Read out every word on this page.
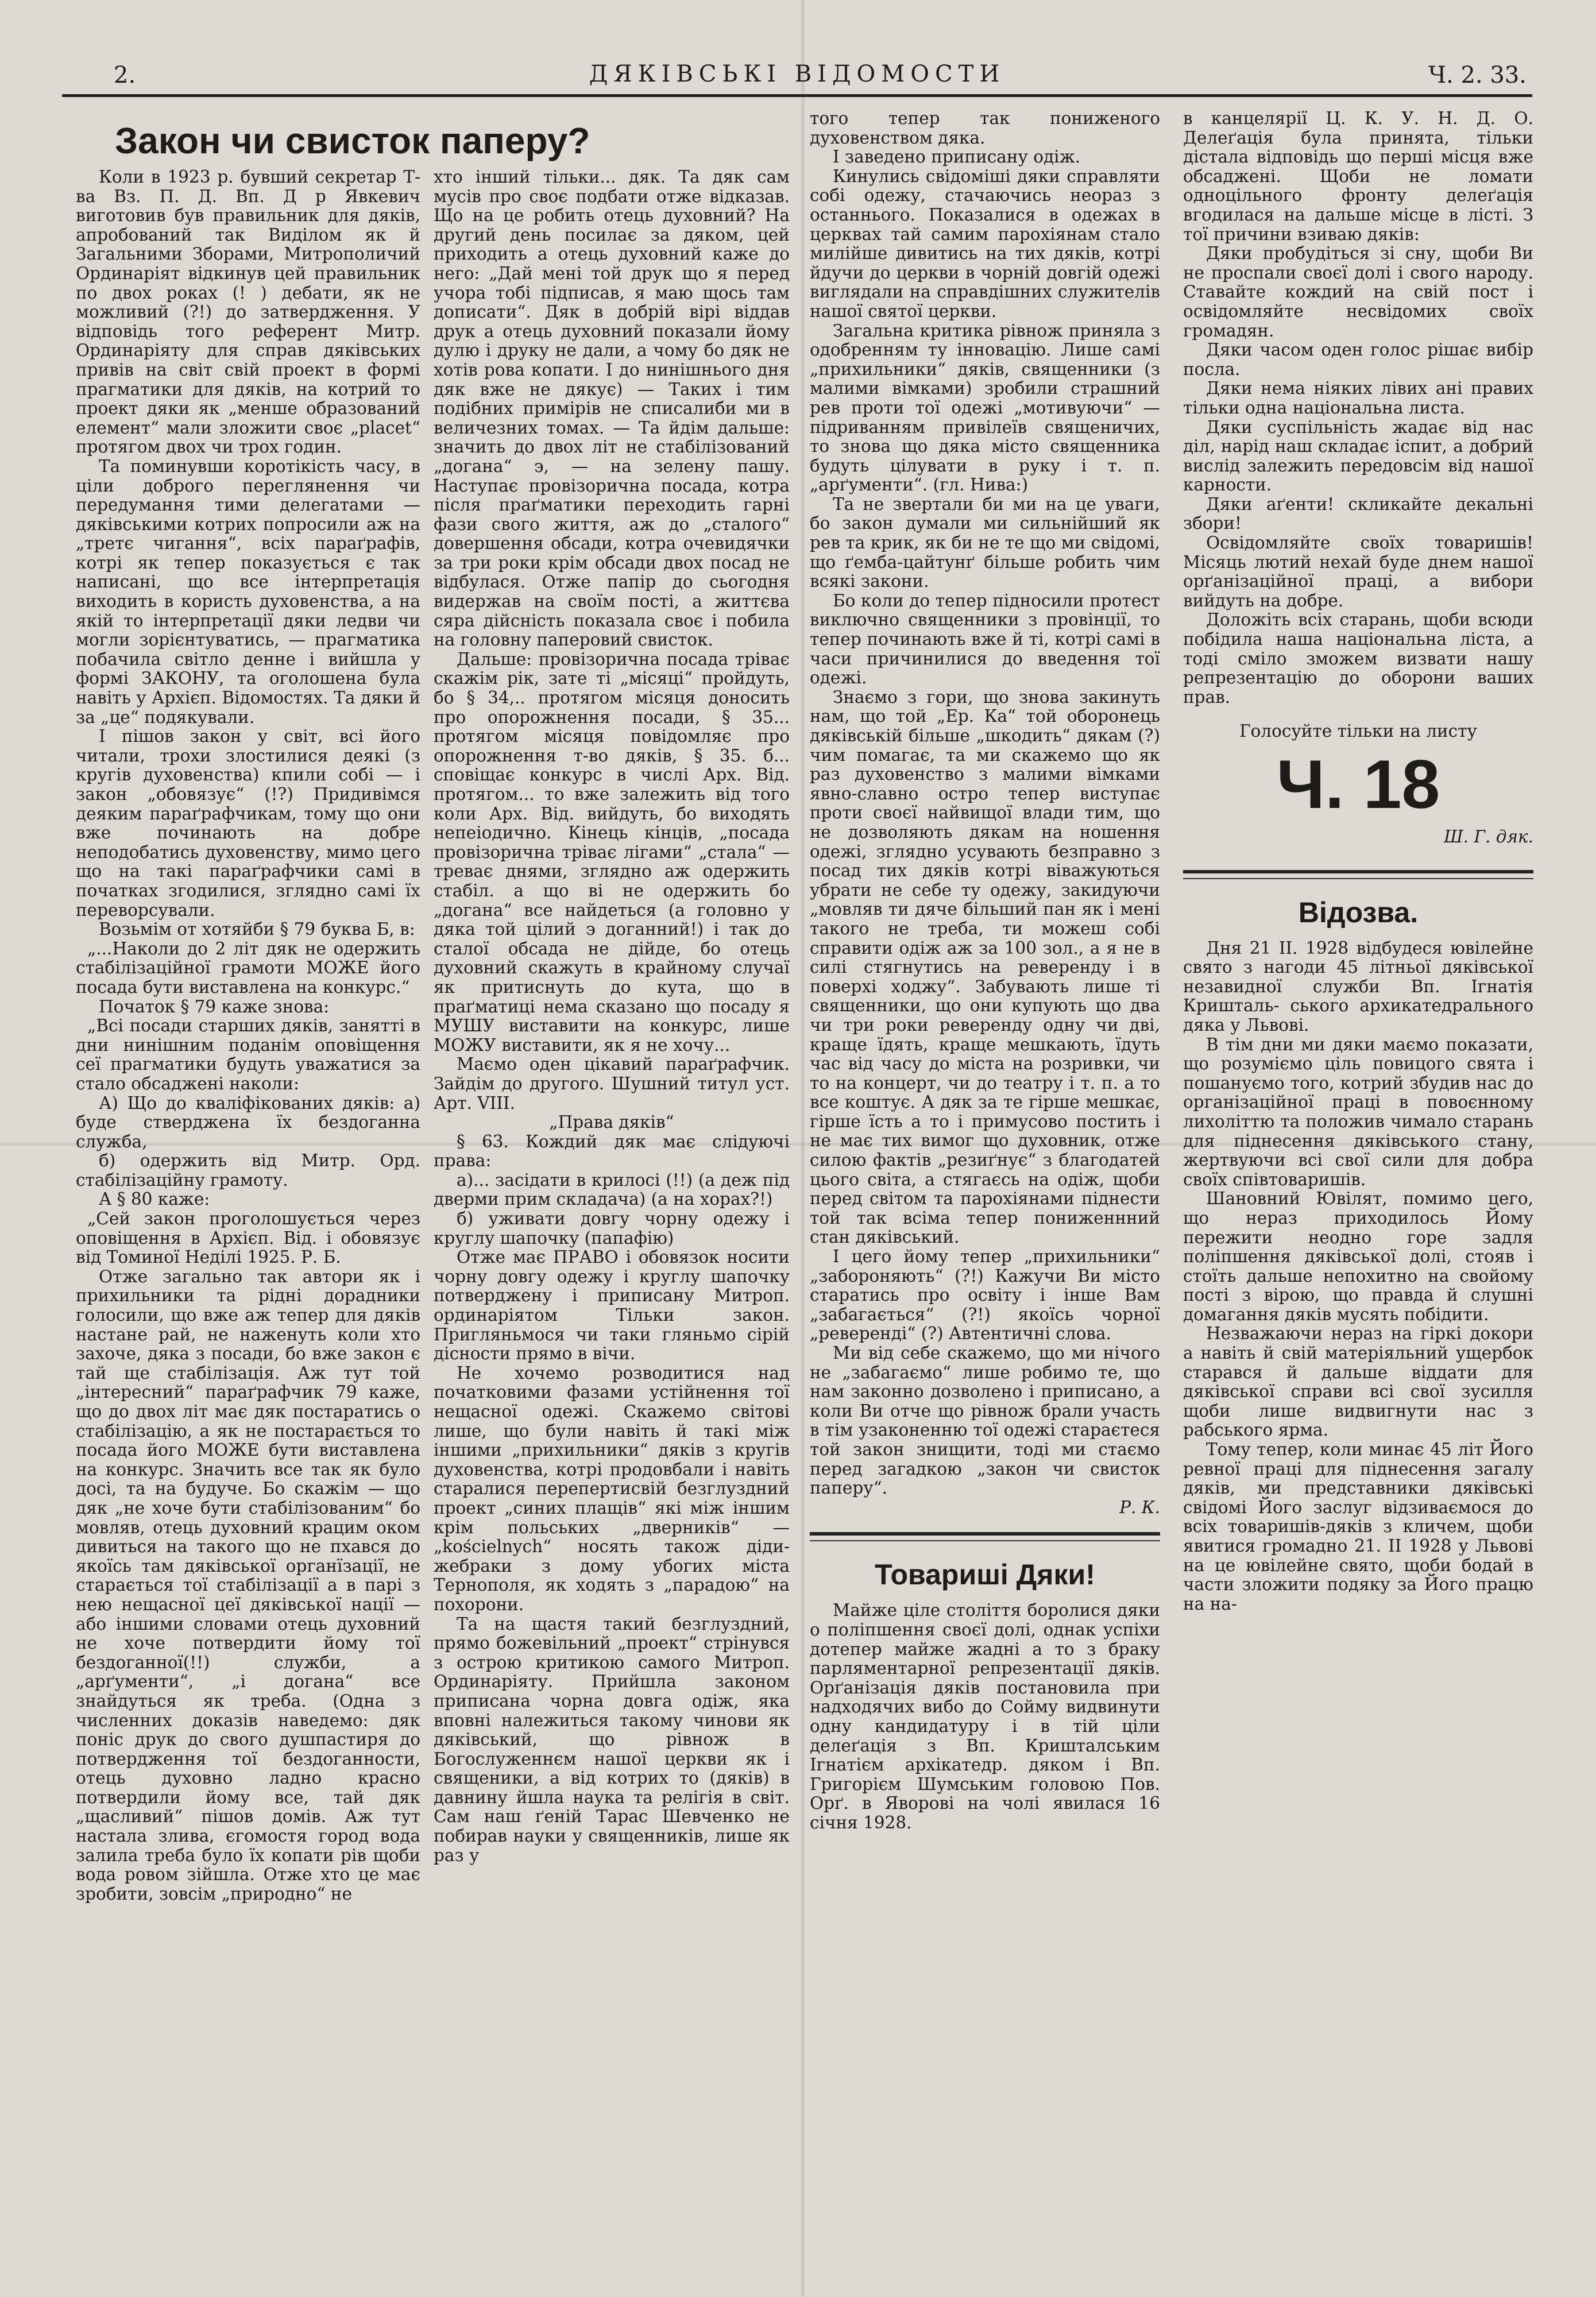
2.	ДЯКІВСЬКІ ВІДОМОСТИ	Ч. 2. 33.
Закон чи свисток паперу?

Коли в 1923 р. бувший секретар Т-ва Вз. П. Д. Вп. Д р Явкевич виготовив був правильник для дяків, апробований так Виділом як й Загальними Зборами, Митрополичий Ординаріят відкинув цей правильник по двох роках (! ) дебати, як не можливий (?!) до затвердження. У відповідь того референт Митр. Ординаріяту для справ дяківських привів на світ свій проект в формі прагматики для дяків, на котрий то проект дяки як „менше образований елемент“ мали зложити своє „placet“ протягом двох чи трох годин.

Та поминувши коротікість часу, в ціли доброго переглянення чи передумання тими делегатами — дяківськими котрих попросили аж на „третє чигання“, всіх параґрафів, котрі як тепер показується є так написані, що все інтерпретація виходить в користь духовенства, а на якій то інтерпретації дяки ледви чи могли зорієнтуватись, — прагматика побачила світло денне і вийшла у формі ЗАКОНУ, та оголошена була навіть у Архієп. Відомостях. Та дяки й за „це“ подякували.

І пішов закон у світ, всі його читали, трохи злостилися деякі (з кругів духовенства) кпили собі — і закон „обовязує“ (!?) Придивімся деяким параґрафчикам, тому що они вже починають на добре неподобатись духовенству, мимо цего що на такі параґрафчики самі в початках згодилися, зглядно самі їх переворсували.

Возьмім от хотяйби § 79 буква Б, в:

„...Наколи до 2 літ дяк не одержить стабілізаційної грамоти МОЖЕ його посада бути виставлена на конкурс.“

Початок § 79 каже знова:

„Всі посади старших дяків, занятті в дни нинішним поданім оповіщення сеї прагматики будуть уважатися за стало обсаджені наколи:

А) Що до кваліфікованих дяків: а) буде стверджена їх бездоганна служба,

б) одержить від Митр. Орд. стабілізаційну грамоту.

А § 80 каже:

„Сей закон проголошується через оповіщення в Архієп. Від. і обовязує від Томиної Неділі 1925. Р. Б.

Отже загально так автори як і прихильники та рідні дорадники голосили, що вже аж тепер для дяків настане рай, не наженуть коли хто захоче, дяка з посади, бо вже закон є тай ще стабілізація. Аж тут той „інтересний“ параґрафчик 79 каже, що до двох літ має дяк постаратись о стабілізацію, а як не постарається то посада його МОЖЕ бути виставлена на конкурс. Значить все так як було досі, та на будуче. Бо скажім — що дяк „не хоче бути стабілізованим“ бо мовляв, отець духовний крацим оком дивиться на такого що не пхався до якоїсь там дяківської органїзації, не старається тої стабілізації а в парі з нею нещасної цеї дяківської нації — або іншими словами отець духовний не хоче потвердити йому тої бездоганної(!!) служби, а „арґументи“, „і догана“ все знайдуться як треба. (Одна з численних доказів наведемо: дяк поніс друк до свого душпастиря до потвердження тої бездоганности, отець духовно ладно красно потвердили йому все, тай дяк „щасливий“ пішов домів. Аж тут настала злива, єгомостя город вода залила треба було їх копати рів щоби вода ровом зійшла. Отже хто це має зробити, зовсім „природно“ не

хто інший тільки... дяк. Та дяк сам мусів про своє подбати отже відказав. Що на це робить отець духовний? На другий день посилає за дяком, цей приходить а отець духовний каже до него: „Дай мені той друк що я перед учора тобі підписав, я маю щось там дописати“. Дяк в добрій вірі віддав друк а отець духовний показали йому дулю і друку не дали, а чому бо дяк не хотів рова копати. І до нинішнього дня дяк вже не дякує) — Таких і тим подібних примірів не списалиби ми в величезних томах. — Та йдім дальше: значить до двох літ не стабілізований „догана“ э, — на зелену пашу. Наступає провізорична посада, котра після праґматики переходить гарні фази свого життя, аж до „сталого“ довершення обсади, котра очевидячки за три роки крім обсади двох посад не відбулася. Отже папір до сьогодня видержав на своїм пості, а життєва сяра дійсність показала своє і побила на головну паперовий свисток.

Дальше: провізорична посада тріває скажім рік, зате ті „місяці“ пройдуть, бо § 34,.. протягом місяця доносить про опорожнення посади, § 35... протягом місяця повідомляє про опорожнення т-во дяків, § 35. б... сповіщає конкурс в числі Арх. Від. протягом... то вже залежить від того коли Арх. Від. вийдуть, бо виходять непеіодично. Кінець кінців, „посада провізорична тріває лігами“ „стала“ — треває днями, зглядно аж одержить стабіл. а що ві не одержить бо „догана“ все найдеться (а головно у дяка той цілий э доганний!) і так до сталої обсада не дійде, бо отець духовний скажуть в крайному случаї як притиснуть до кута, що в праґматиці нема сказано що посаду я МУШУ виставити на конкурс, лише МОЖУ виставити, як я не хочу...

Маємо оден цікавий параґрафчик. Зайдім до другого. Шушний титул уст. Арт. VIII.

„Права дяків“

§ 63. Кождий дяк має слідуючі права:

а)... засідати в крилосі (!!) (а деж під дверми прим складача) (а на хорах?!)

б) уживати довгу чорну одежу і круглу шапочку (папафію)

Отже має ПРАВО і обовязок носити чорну довгу одежу і круглу шапочку потверджену і приписану Митроп. ординаріятом Тільки закон. Пригляньмося чи таки гляньмо сірій дісности прямо в вічи.

Не хочемо розводитися над початковими фазами устійнення тої нещасної одежі. Скажемо світові лише, що були навіть й такі між іншими „прихильники“ дяків з кругів духовенства, котрі продовбали і навіть старалися перепертисвій безглуздний проект „синих плащів“ які між іншим крім польських „дверників“ — „kościelnych“ носять також діди-жебраки з дому убогих міста Тернополя, як ходять з „парадою“ на похорони.

Та на щастя такий безглуздний, прямо божевільний „проект“ стрінувся з острою критикою самого Митроп. Ординаріяту. Прийшла законом приписана чорна довга одіж, яка вповні належиться такому чинови як дяківський, що рівнож в Богослуженнєм нашої церкви як і священики, а від котрих то (дяків) в давнину йшла наука та релігія в світ. Сам наш ґеній Тарас Шевченко не побирав науки у священників, лише як раз у

того тепер так пониженого духовенством дяка.

І заведено приписану одіж.

Кинулись свідоміші дяки справляти собі одежу, стачаючись неораз з останнього. Показалися в одежах в церквах тай самим парохіянам стало милійше дивитись на тих дяків, котрі йдучи до церкви в чорній довгій одежі виглядали на справдішних служителів нашої святої церкви.

Загальна критика рівнож приняла з одобренням ту інновацію. Лише самі „прихильники“ дяків, священники (з малими вімками) зробили страшний рев проти тої одежі „мотивуючи“ — підриванням привілеїв священичих, то знова що дяка місто священника будуть цілувати в руку і т. п. „арґументи“. (гл. Нива:)

Та не звертали би ми на це уваги, бо закон думали ми сильнійший як рев та крик, як би не те що ми свідомі, що ґемба-цайтунґ більше робить чим всякі закони.

Бо коли до тепер підносили протест виключно священники з провінції, то тепер починають вже й ті, котрі самі в часи причинилися до введення тої одежі.

Знаємо з гори, що знова закинуть нам, що той „Ер. Ка“ той оборонець дяківській більше „шкодить“ дякам (?) чим помагає, та ми скажемо що як раз духовенство з малими вімками явно-славно остро тепер виступає проти своєї найвищої влади тим, що не дозволяють дякам на ношення одежі, зглядно усувають безправно з посад тих дяків котрі віважуються убрати не себе ту одежу, закидуючи „мовляв ти дяче більший пан як і мені такого не треба, ти можеш собі справити одіж аж за 100 зол., а я не в силі стягнутись на реверенду і в поверхі ходжу“. Забувають лише ті священники, що они купують що два чи три роки реверенду одну чи дві, краще їдять, краще мешкають, їдуть час від часу до міста на розривки, чи то на концерт, чи до театру і т. п. а то все коштує. А дяк за те гірше мешкає, гірше їсть а то і примусово постить і не має тих вимог що духовник, отже силою фактів „резиґнує“ з благодатей цього світа, а стягаєсь на одіж, щоби перед світом та парохіянами піднести той так всіма тепер пониженнний стан дяківський.

І цего йому тепер „прихильники“ „забороняють“ (?!) Кажучи Ви місто старатись про освіту і інше Вам „забагається“ (?!) якоїсь чорної „реверенді“ (?) Автентичні слова.

Ми від себе скажемо, що ми нічого не „забагаємо“ лише робимо те, що нам законно дозволено і приписано, а коли Ви отче що рівнож брали участь в тім узаконенню тої одежі стараєтеся той закон знищити, тоді ми стаємо перед загадкою „закон чи свисток паперу“.

Р. К.

Товариші Дяки!

Майже ціле століття боролися дяки о поліпшення своєї долі, однак успіхи дотепер майже жадні а то з браку парляментарної репрезентації дяків. Орґанізація дяків постановила при надходячих вибо до Сойму видвинути одну кандидатуру і в тій ціли делеґація з Вп. Кришталським Ігнатієм архікатедр. дяком і Вп. Григорієм Шумським головою Пов. Орґ. в Яворові на чолі явилася 16 січня 1928.

в канцелярії Ц. К. У. Н. Д. О. Делеґація була принята, тільки дістала відповідь що перші місця вже обсаджені. Щоби не ломати одноцільного фронту делеґація вгодилася на дальше місце в лісті. З тої причини взиваю дяків:

Дяки пробудіться зі сну, щоби Ви не проспали своєї долі і свого народу. Ставайте кождий на свій пост і освідомляйте несвідомих своїх громадян.

Дяки часом оден голос рішає вибір посла.

Дяки нема ніяких лівих ані правих тільки одна національна листа.

Дяки суспільність жадає від нас діл, нарід наш складає іспит, а добрий вислід залежить передовсім від нашої карности.

Дяки аґенти! скликайте декальні збори!

Освідомляйте своїх товаришів! Місяць лютий нехай буде днем нашої орґанізаційної праці, а вибори вийдуть на добре.

Доложіть всіх старань, щоби всюди побідила наша національна ліста, а тоді сміло зможем визвати нашу репрезентацію до оборони ваших прав.

Голосуйте тільки на листу

Ч. 18

Ш. Г. дяк.

Відозва.

Дня 21 II. 1928 відбудеся ювілейне свято з нагоди 45 літньої дяківської незавидної служби Вп. Ігнатія Кришталь- ського архикатедрального дяка у Львові.

В тім дни ми дяки маємо показати, що розуміємо ціль повицого свята і пошануємо того, котрий збудив нас до організаційної праці в повоєнному лихоліттю та положив чимало старань для піднесення дяківського стану, жертвуючи всі свої сили для добра своїх співтоваришів.

Шановний Ювілят, помимо цего, що нераз приходилось Йому пережити неодно горе задля поліпшення дяківської долі, стояв і стоїть дальше непохитно на свойому пості з вірою, що правда й слушні домагання дяків мусять побідити.

Незважаючи нераз на гіркі докори а навіть й свій матеріяльний ущербок старався й дальше віддати для дяківської справи всі свої зусилля щоби лише видвигнути нас з рабського ярма.

Тому тепер, коли минає 45 літ Його ревної праці для піднесення загалу дяків, ми представники дяківські свідомі Його заслуг відзиваємося до всіх товаришів-дяків з кличем, щоби явитися громадно 21. II 1928 у Львові на це ювілейне свято, щоби бодай в части зложити подяку за Його працю на на-
